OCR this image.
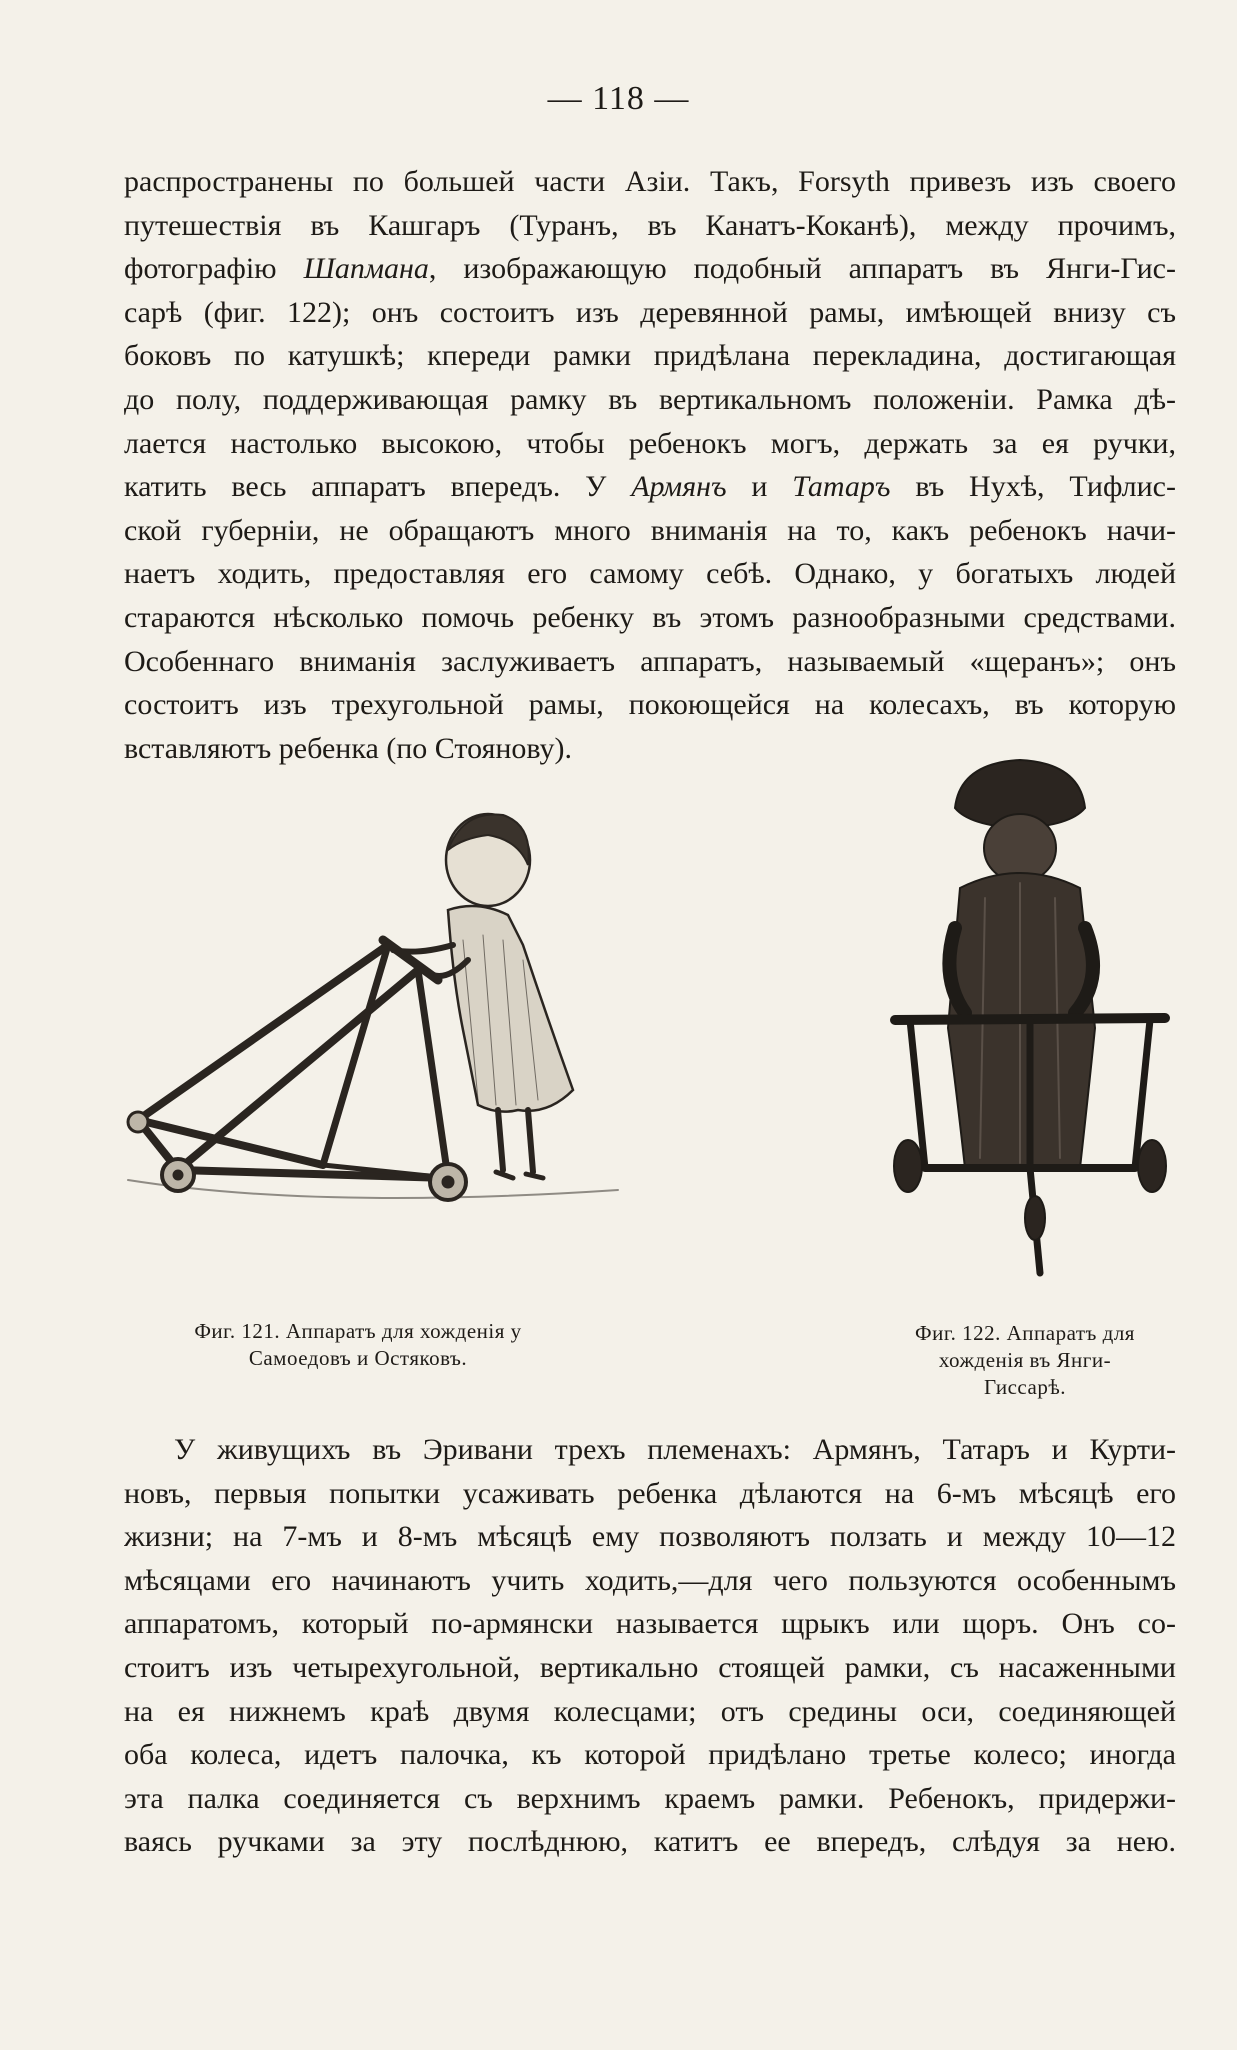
— 118 —
распространены по большей части Азіи. Такъ, Forsyth привезъ изъ своего
путешествія въ Кашгаръ (Туранъ, въ Канатъ-Коканѣ), между прочимъ,
фотографію Шапмана, изображающую подобный аппаратъ въ Янги-Гис-
сарѣ (фиг. 122); онъ состоитъ изъ деревянной рамы, имѣющей внизу съ
боковъ по катушкѣ; кпереди рамки придѣлана перекладина, достигающая
до полу, поддерживающая рамку въ вертикальномъ положеніи. Рамка дѣ-
лается настолько высокою, чтобы ребенокъ могъ, держать за ея ручки,
катить весь аппаратъ впередъ. У Армянъ и Татаръ въ Нухѣ, Тифлис-
ской губерніи, не обращаютъ много вниманія на то, какъ ребенокъ начи-
наетъ ходить, предоставляя его самому себѣ. Однако, у богатыхъ людей
стараются нѣсколько помочь ребенку въ этомъ разнообразными средствами.
Особеннаго вниманія заслуживаетъ аппаратъ, называемый «щеранъ»; онъ
состоитъ изъ трехугольной рамы, покоющейся на колесахъ, въ которую
вставляютъ ребенка (по Стоянову).
Фиг. 121. Аппаратъ для хожденія у
Самоедовъ и Остяковъ.
Фиг. 122. Аппаратъ для
хожденія въ Янги-
Гиссарѣ.
У живущихъ въ Эривани трехъ племенахъ: Армянъ, Татаръ и Курти-
новъ, первыя попытки усаживать ребенка дѣлаются на 6-мъ мѣсяцѣ его
жизни; на 7-мъ и 8-мъ мѣсяцѣ ему позволяютъ ползать и между 10—12
мѣсяцами его начинаютъ учить ходить,—для чего пользуются особеннымъ
аппаратомъ, который по-армянски называется щрыкъ или щоръ. Онъ со-
стоитъ изъ четырехугольной, вертикально стоящей рамки, съ насаженными
на ея нижнемъ краѣ двумя колесцами; отъ средины оси, соединяющей
оба колеса, идетъ палочка, къ которой придѣлано третье колесо; иногда
эта палка соединяется съ верхнимъ краемъ рамки. Ребенокъ, придержи-
ваясь ручками за эту послѣднюю, катитъ ее впередъ, слѣдуя за нею.
